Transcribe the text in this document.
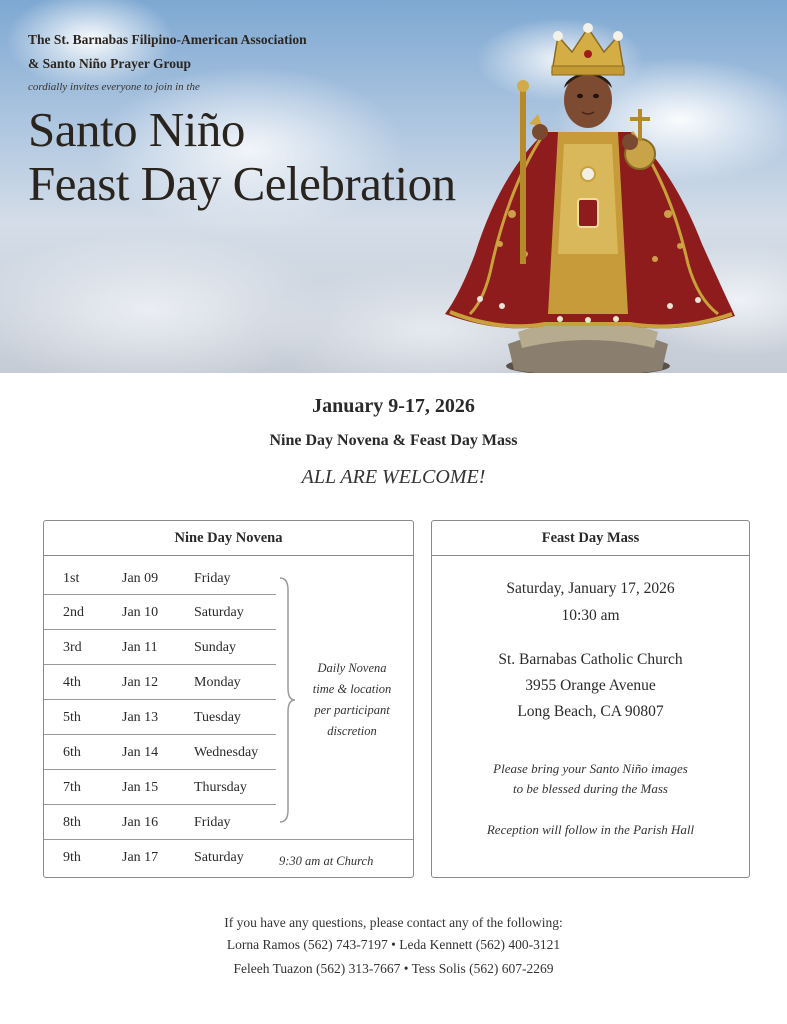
The St. Barnabas Filipino-American Association
& Santo Niño Prayer Group
cordially invites everyone to join in the
Santo Niño
Feast Day Celebration
January 9-17, 2026
Nine Day Novena & Feast Day Mass
ALL ARE WELCOME!
Nine Day Novena
1st	Jan 09	Friday
2nd	Jan 10	Saturday
3rd	Jan 11	Sunday
4th	Jan 12	Monday
5th	Jan 13	Tuesday
6th	Jan 14	Wednesday
7th	Jan 15	Thursday
8th	Jan 16	Friday
9th	Jan 17	Saturday
Daily Novena
time & location
per participant
discretion
9:30 am at Church
Feast Day Mass
Saturday, January 17, 2026
10:30 am
St. Barnabas Catholic Church
3955 Orange Avenue
Long Beach, CA 90807
Please bring your Santo Niño images
to be blessed during the Mass
Reception will follow in the Parish Hall
If you have any questions, please contact any of the following:
Lorna Ramos (562) 743-7197 • Leda Kennett (562) 400-3121
Feleeh Tuazon (562) 313-7667 • Tess Solis (562) 607-2269
